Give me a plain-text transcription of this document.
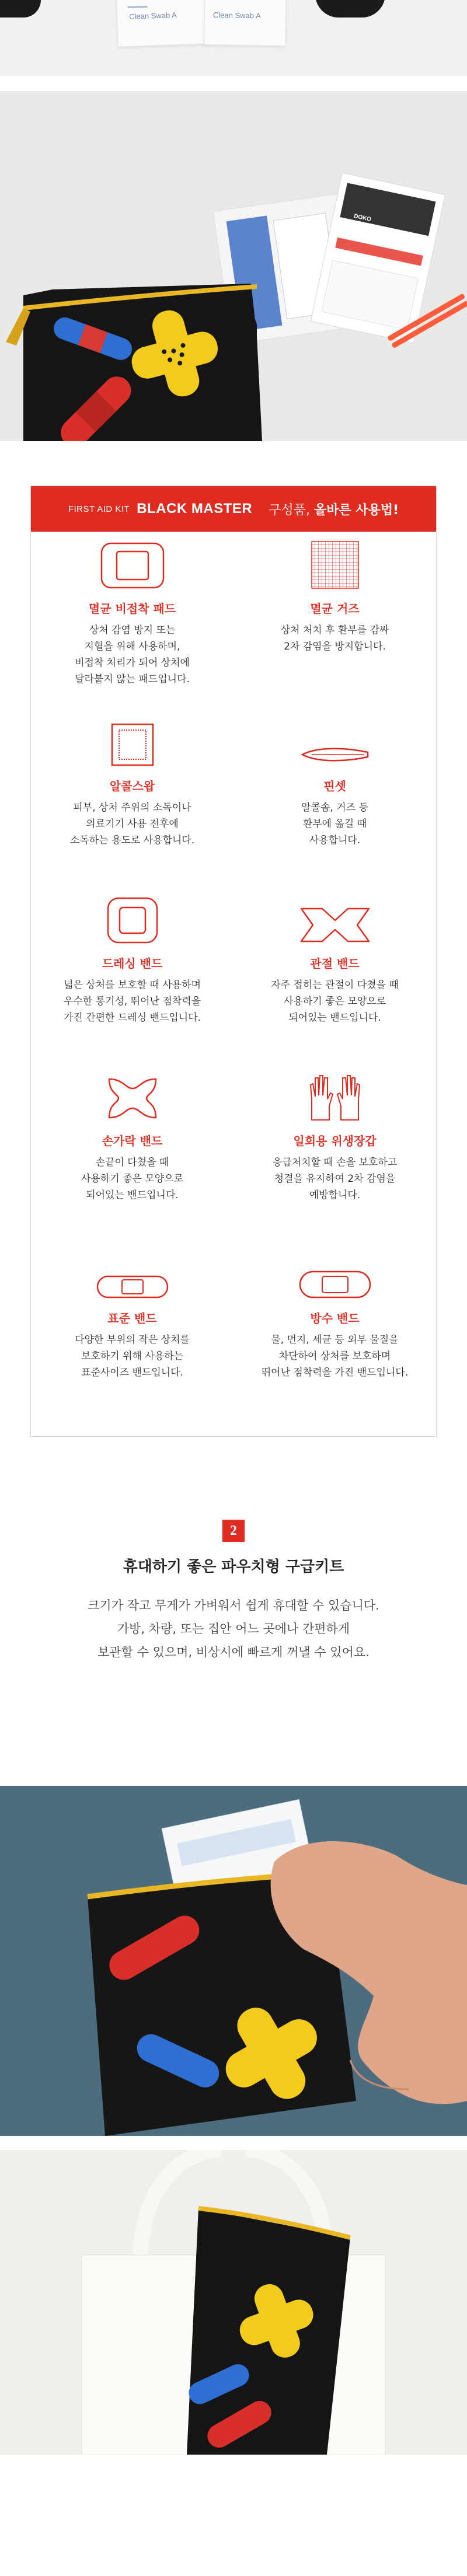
Clean Swab A	Clean Swab A
AID KIT
MASTER
DOKO
FIRST AID KIT BLACK MASTER 구성품, 올바른 사용법!
멸균 비접착 패드
상처 감염 방지 또는
지혈을 위해 사용하며,
비접착 처리가 되어 상처에
달라붙지 않는 패드입니다.
멸균 거즈
상처 처치 후 환부를 감싸
2차 감염을 방지합니다.
알콜스왑
피부, 상처 주위의 소독이나
의료기기 사용 전후에
소독하는 용도로 사용합니다.
핀셋
알콜솜, 거즈 등
환부에 옮길 때
사용합니다.
드레싱 밴드
넓은 상처를 보호할 때 사용하며
우수한 통기성, 뛰어난 점착력을
가진 간편한 드레싱 밴드입니다.
관절 밴드
자주 접히는 관절이 다쳤을 때
사용하기 좋은 모양으로
되어있는 밴드입니다.
손가락 밴드
손끝이 다쳤을 때
사용하기 좋은 모양으로
되어있는 밴드입니다.
일회용 위생장갑
응급처치할 때 손을 보호하고
청결을 유지하여 2차 감염을
예방합니다.
표준 밴드
다양한 부위의 작은 상처를
보호하기 위해 사용하는
표준사이즈 밴드입니다.
방수 밴드
물, 먼지, 세균 등 외부 물질을
차단하여 상처를 보호하며
뛰어난 점착력을 가진 밴드입니다.
2
휴대하기 좋은 파우치형 구급키트
크기가 작고 무게가 가벼워서 쉽게 휴대할 수 있습니다.
가방, 차량, 또는 집안 어느 곳에나 간편하게
보관할 수 있으며, 비상시에 빠르게 꺼낼 수 있어요.
